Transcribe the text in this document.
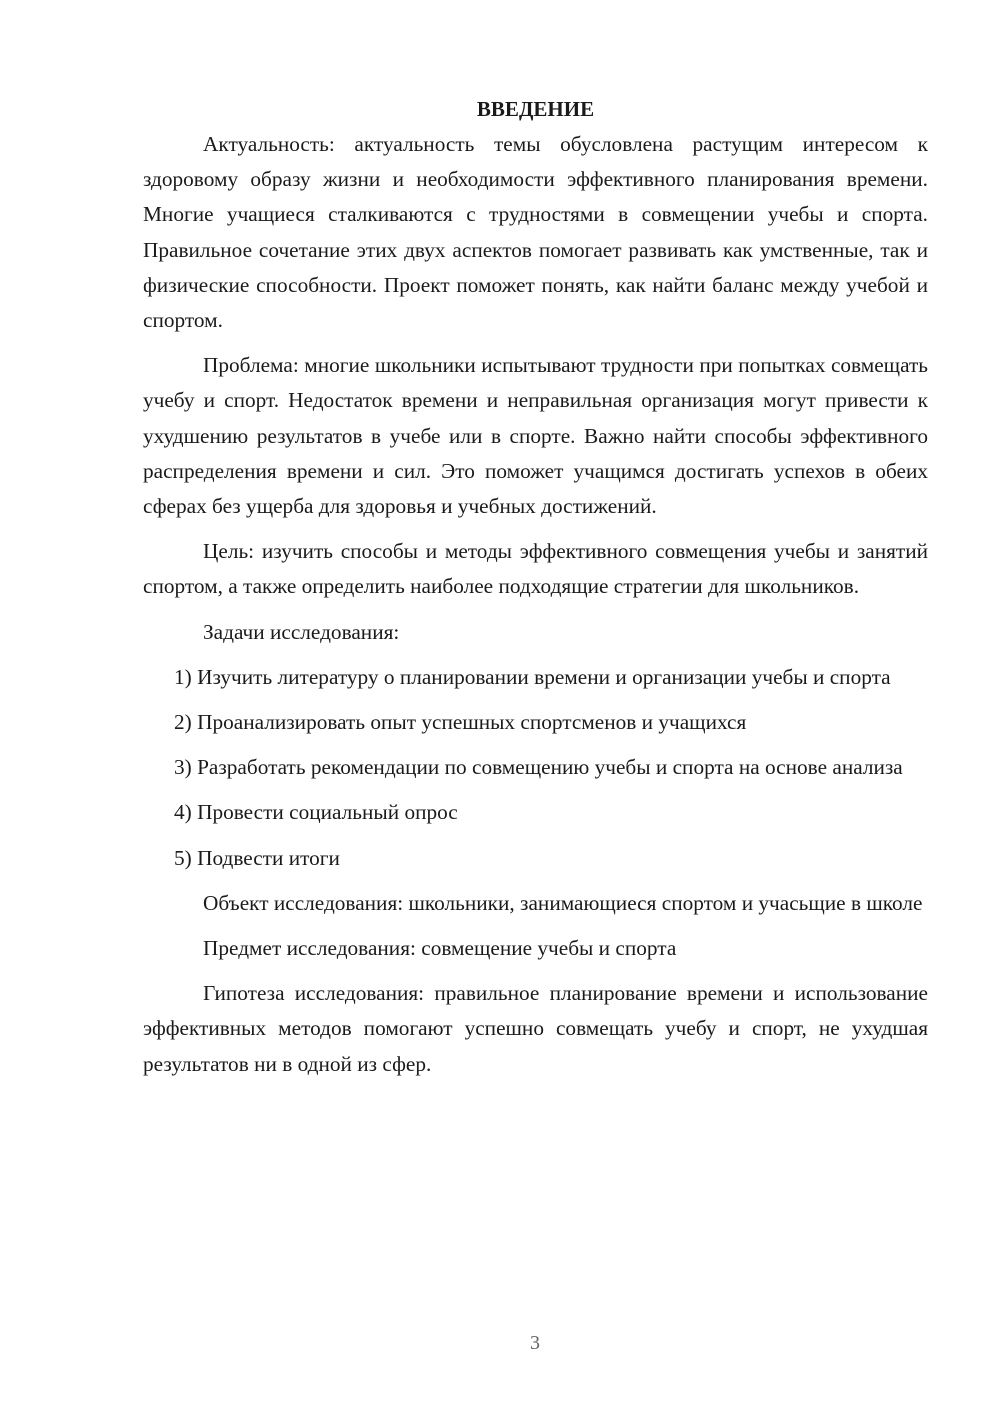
ВВЕДЕНИЕ

Актуальность: актуальность темы обусловлена растущим интересом к здоровому образу жизни и необходимости эффективного планирования времени. Многие учащиеся сталкиваются с трудностями в совмещении учебы и спорта. Правильное сочетание этих двух аспектов помогает развивать как умственные, так и физические способности. Проект поможет понять, как найти баланс между учебой и спортом.

Проблема: многие школьники испытывают трудности при попытках совмещать учебу и спорт. Недостаток времени и неправильная организация могут привести к ухудшению результатов в учебе или в спорте. Важно найти способы эффективного распределения времени и сил. Это поможет учащимся достигать успехов в обеих сферах без ущерба для здоровья и учебных достижений.

Цель: изучить способы и методы эффективного совмещения учебы и занятий спортом, а также определить наиболее подходящие стратегии для школьников.

Задачи исследования:

1) Изучить литературу о планировании времени и организации учебы и спорта

2) Проанализировать опыт успешных спортсменов и учащихся

3) Разработать рекомендации по совмещению учебы и спорта на основе анализа

4) Провести социальный опрос

5) Подвести итоги

Объект исследования: школьники, занимающиеся спортом и учасьщие в школе

Предмет исследования: совмещение учебы и спорта

Гипотеза исследования: правильное планирование времени и использование эффективных методов помогают успешно совмещать учебу и спорт, не ухудшая результатов ни в одной из сфер.

3
